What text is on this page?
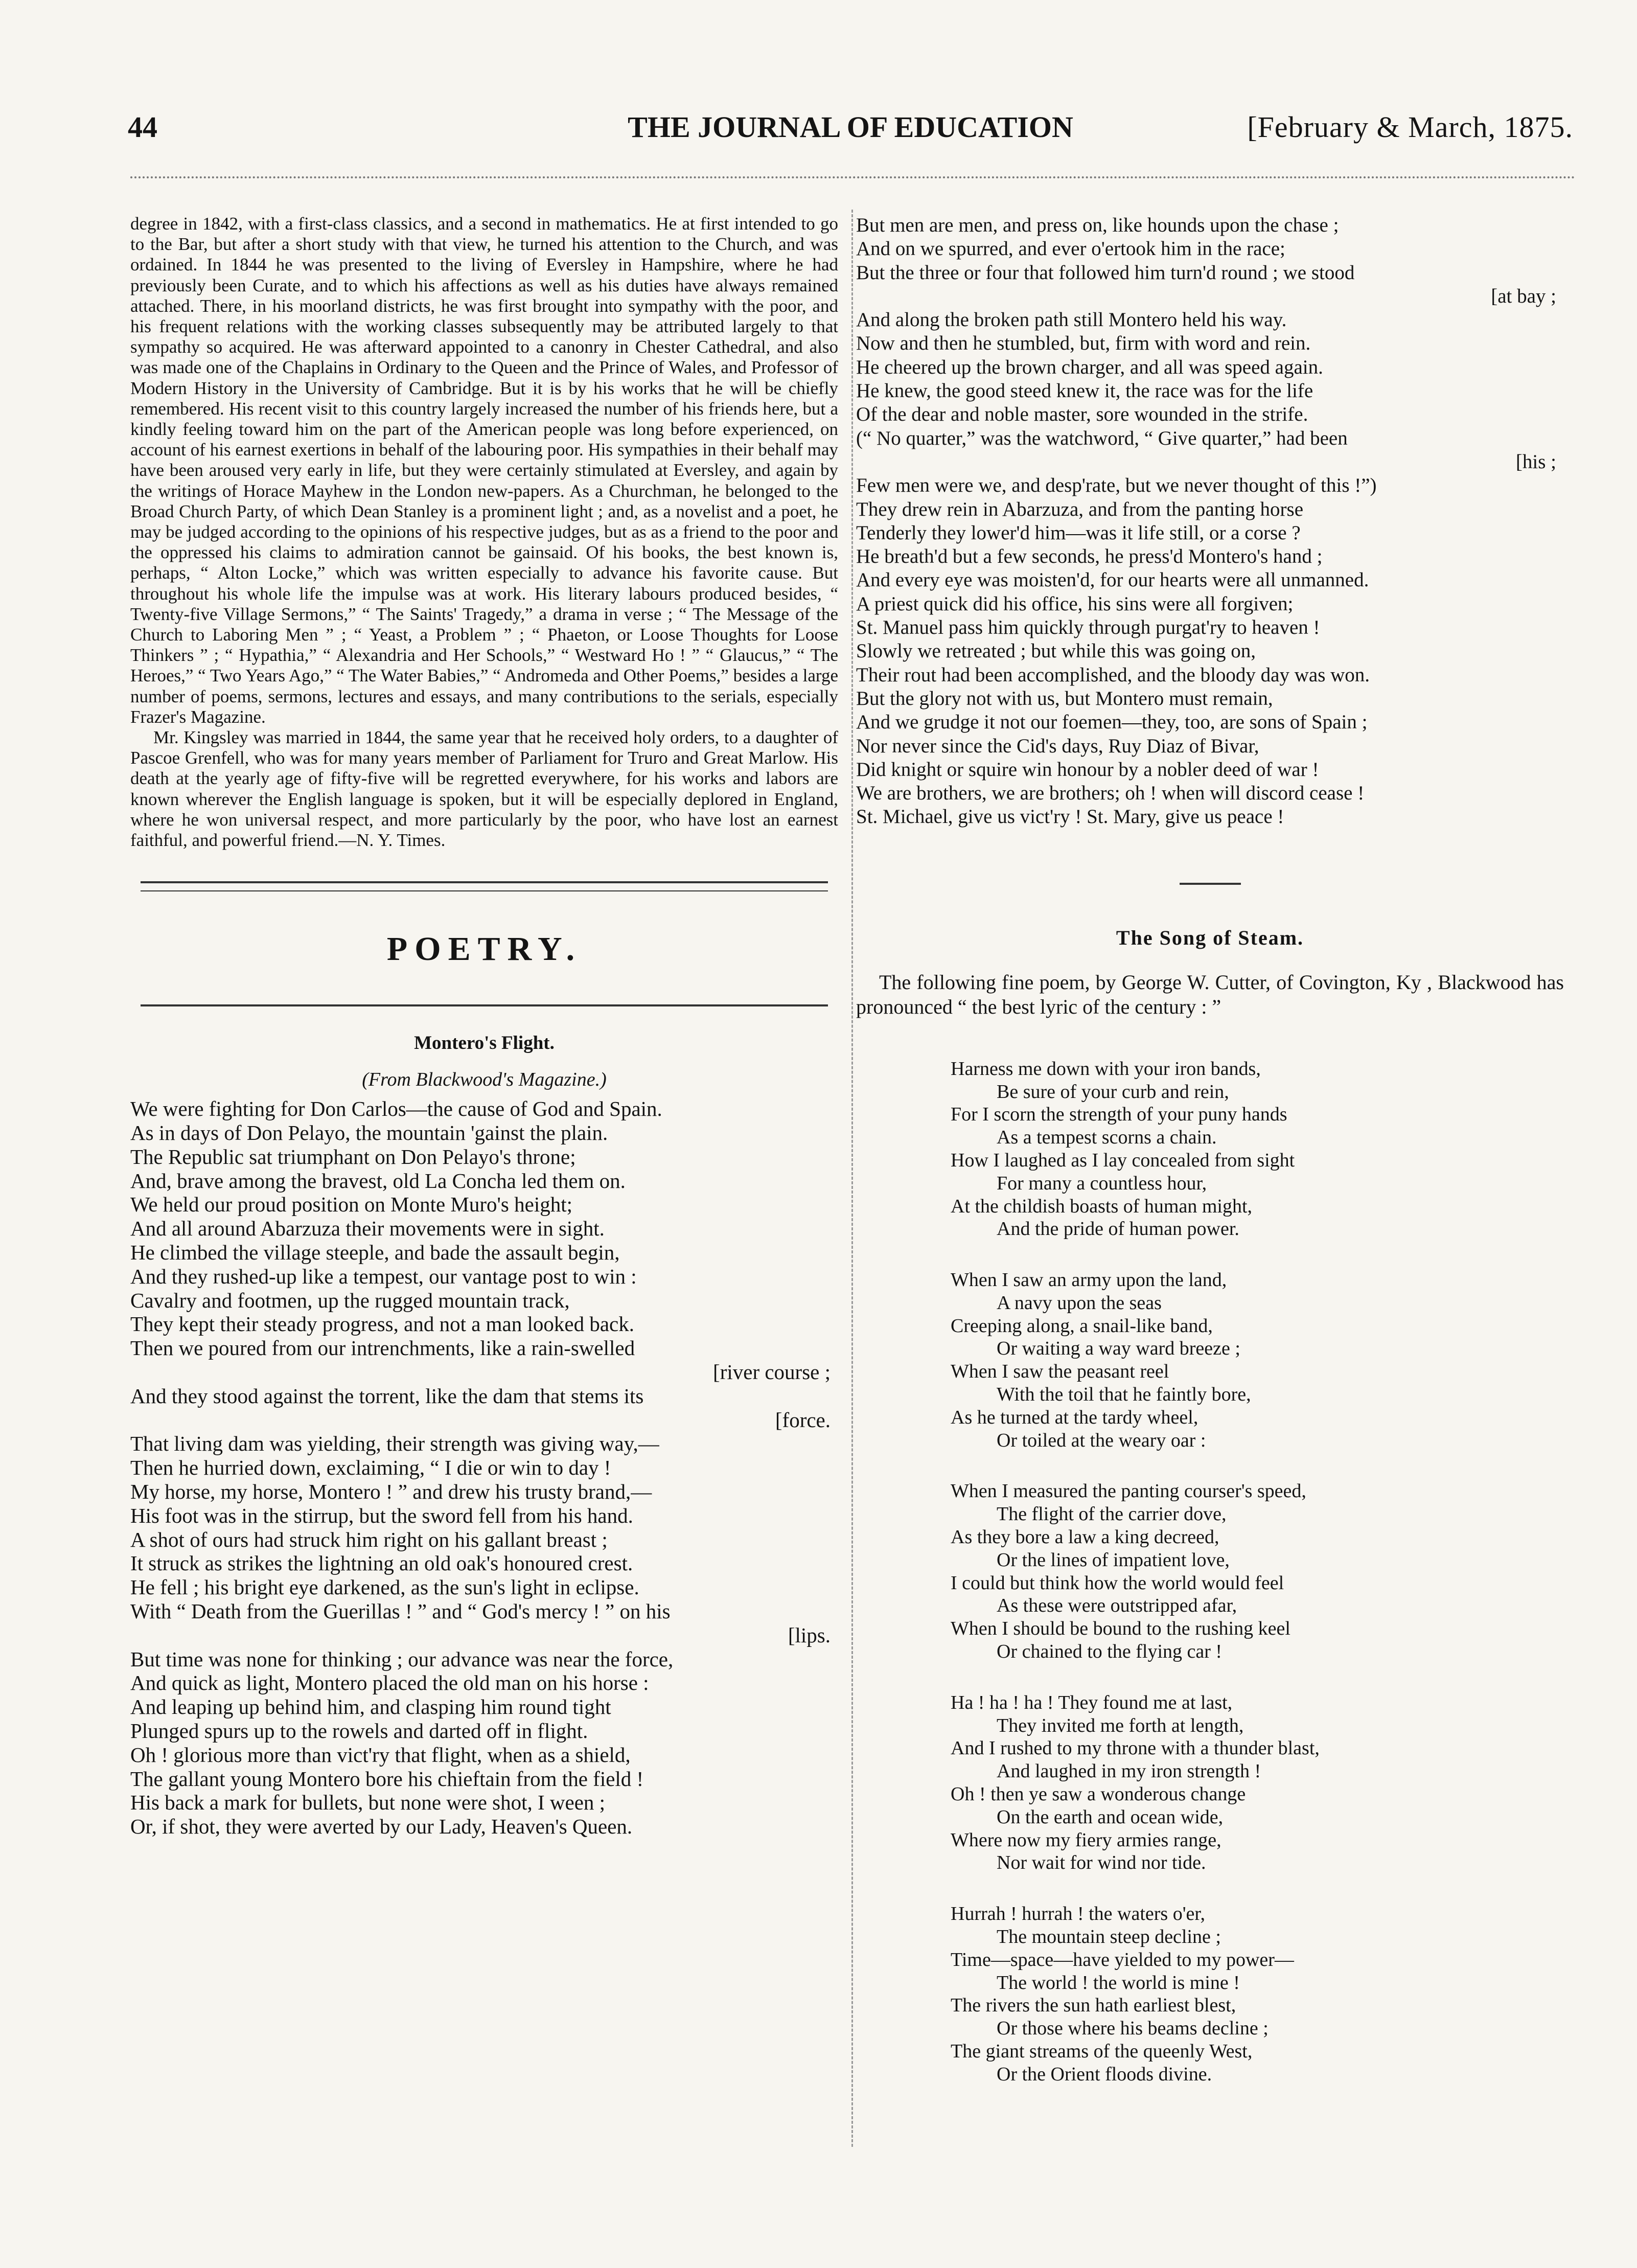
44	THE JOURNAL OF EDUCATION	[February & March, 1875.

degree in 1842, with a first-class classics, and a second in mathematics. He at first intended to go to the Bar, but after a short study with that view, he turned his attention to the Church, and was ordained. In 1844 he was presented to the living of Eversley in Hampshire, where he had previously been Curate, and to which his affections as well as his duties have always remained attached. There, in his moorland districts, he was first brought into sympathy with the poor, and his frequent relations with the working classes subsequently may be attributed largely to that sympathy so acquired. He was afterward appointed to a canonry in Chester Cathedral, and also was made one of the Chaplains in Ordinary to the Queen and the Prince of Wales, and Professor of Modern History in the University of Cambridge. But it is by his works that he will be chiefly remembered. His recent visit to this country largely increased the number of his friends here, but a kindly feeling toward him on the part of the American people was long before experienced, on account of his earnest exertions in behalf of the labouring poor. His sympathies in their behalf may have been aroused very early in life, but they were certainly stimulated at Eversley, and again by the writings of Horace Mayhew in the London new-papers. As a Churchman, he belonged to the Broad Church Party, of which Dean Stanley is a prominent light ; and, as a novelist and a poet, he may be judged according to the opinions of his respective judges, but as as a friend to the poor and the oppressed his claims to admiration cannot be gainsaid. Of his books, the best known is, perhaps, “ Alton Locke,” which was written especially to advance his favorite cause. But throughout his whole life the impulse was at work. His literary labours produced besides, “ Twenty-five Village Sermons,” “ The Saints' Tragedy,” a drama in verse ; “ The Message of the Church to Laboring Men ” ; “ Yeast, a Problem ” ; “ Phaeton, or Loose Thoughts for Loose Thinkers ” ; “ Hypathia,” “ Alexandria and Her Schools,” “ Westward Ho ! ” “ Glaucus,” “ The Heroes,” “ Two Years Ago,” “ The Water Babies,” “ Andromeda and Other Poems,” besides a large number of poems, sermons, lectures and essays, and many contributions to the serials, especially Frazer's Magazine.

Mr. Kingsley was married in 1844, the same year that he received holy orders, to a daughter of Pascoe Grenfell, who was for many years member of Parliament for Truro and Great Marlow. His death at the yearly age of fifty-five will be regretted everywhere, for his works and labors are known wherever the English language is spoken, but it will be especially deplored in England, where he won universal respect, and more particularly by the poor, who have lost an earnest faithful, and powerful friend.—N. Y. Times.

POETRY.
Montero's Flight.
(From Blackwood's Magazine.)
We were fighting for Don Carlos—the cause of God and Spain.
As in days of Don Pelayo, the mountain 'gainst the plain.
The Republic sat triumphant on Don Pelayo's throne;
And, brave among the bravest, old La Concha led them on.
We held our proud position on Monte Muro's height;
And all around Abarzuza their movements were in sight.
He climbed the village steeple, and bade the assault begin,
And they rushed-up like a tempest, our vantage post to win :
Cavalry and footmen, up the rugged mountain track,
They kept their steady progress, and not a man looked back.
Then we poured from our intrenchments, like a rain-swelled
[river course ;
And they stood against the torrent, like the dam that stems its
[force.
That living dam was yielding, their strength was giving way,—
Then he hurried down, exclaiming, “ I die or win to day !
My horse, my horse, Montero ! ” and drew his trusty brand,—
His foot was in the stirrup, but the sword fell from his hand.
A shot of ours had struck him right on his gallant breast ;
It struck as strikes the lightning an old oak's honoured crest.
He fell ; his bright eye darkened, as the sun's light in eclipse.
With “ Death from the Guerillas ! ” and “ God's mercy ! ” on his
[lips.
But time was none for thinking ; our advance was near the force,
And quick as light, Montero placed the old man on his horse :
And leaping up behind him, and clasping him round tight
Plunged spurs up to the rowels and darted off in flight.
Oh ! glorious more than vict'ry that flight, when as a shield,
The gallant young Montero bore his chieftain from the field !
His back a mark for bullets, but none were shot, I ween ;
Or, if shot, they were averted by our Lady, Heaven's Queen.
But men are men, and press on, like hounds upon the chase ;
And on we spurred, and ever o'ertook him in the race;
But the three or four that followed him turn'd round ; we stood
[at bay ;
And along the broken path still Montero held his way.
Now and then he stumbled, but, firm with word and rein.
He cheered up the brown charger, and all was speed again.
He knew, the good steed knew it, the race was for the life
Of the dear and noble master, sore wounded in the strife.
(“ No quarter,” was the watchword, “ Give quarter,” had been
[his ;
Few men were we, and desp'rate, but we never thought of this !”)
They drew rein in Abarzuza, and from the panting horse
Tenderly they lower'd him—was it life still, or a corse ?
He breath'd but a few seconds, he press'd Montero's hand ;
And every eye was moisten'd, for our hearts were all unmanned.
A priest quick did his office, his sins were all forgiven;
St. Manuel pass him quickly through purgat'ry to heaven !
Slowly we retreated ; but while this was going on,
Their rout had been accomplished, and the bloody day was won.
But the glory not with us, but Montero must remain,
And we grudge it not our foemen—they, too, are sons of Spain ;
Nor never since the Cid's days, Ruy Diaz of Bivar,
Did knight or squire win honour by a nobler deed of war !
We are brothers, we are brothers; oh ! when will discord cease !
St. Michael, give us vict'ry ! St. Mary, give us peace !
The Song of Steam.

The following fine poem, by George W. Cutter, of Covington, Ky , Blackwood has pronounced “ the best lyric of the century : ”

Harness me down with your iron bands,
Be sure of your curb and rein,
For I scorn the strength of your puny hands
As a tempest scorns a chain.
How I laughed as I lay concealed from sight
For many a countless hour,
At the childish boasts of human might,
And the pride of human power.
When I saw an army upon the land,
A navy upon the seas
Creeping along, a snail-like band,
Or waiting a way ward breeze ;
When I saw the peasant reel
With the toil that he faintly bore,
As he turned at the tardy wheel,
Or toiled at the weary oar :
When I measured the panting courser's speed,
The flight of the carrier dove,
As they bore a law a king decreed,
Or the lines of impatient love,
I could but think how the world would feel
As these were outstripped afar,
When I should be bound to the rushing keel
Or chained to the flying car !
Ha ! ha ! ha ! They found me at last,
They invited me forth at length,
And I rushed to my throne with a thunder blast,
And laughed in my iron strength !
Oh ! then ye saw a wonderous change
On the earth and ocean wide,
Where now my fiery armies range,
Nor wait for wind nor tide.
Hurrah ! hurrah ! the waters o'er,
The mountain steep decline ;
Time—space—have yielded to my power—
The world ! the world is mine !
The rivers the sun hath earliest blest,
Or those where his beams decline ;
The giant streams of the queenly West,
Or the Orient floods divine.
